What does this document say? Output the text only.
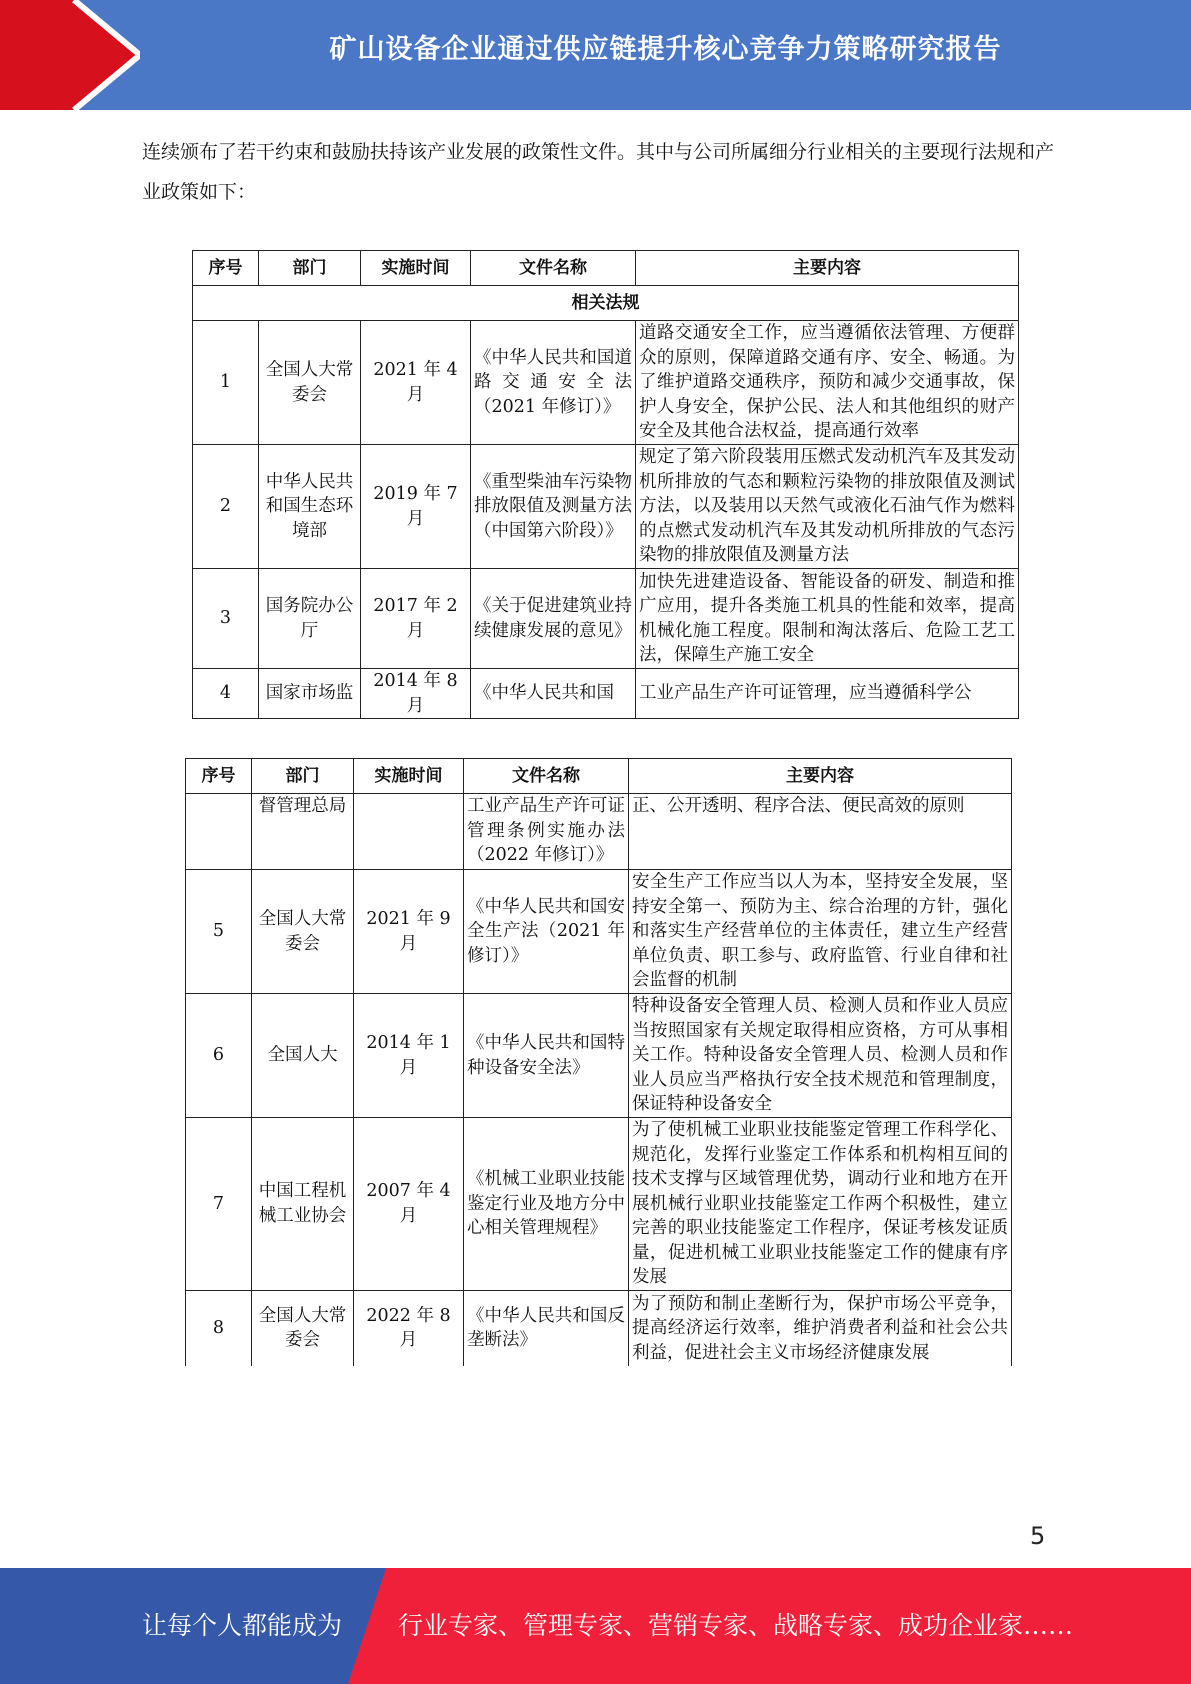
矿山设备企业通过供应链提升核心竞争力策略研究报告
连续颁布了若干约束和鼓励扶持该产业发展的政策性文件。其中与公司所属细分行业相关的主要现行法规和产业政策如下：
序号	部门	实施时间	文件名称	主要内容
相关法规				
1	全国人大常委会	2021 年 4 月	《中华人民共和国道路交通安全法（2021 年修订）》	道路交通安全工作，应当遵循依法管理、方便群众的原则，保障道路交通有序、安全、畅通。为了维护道路交通秩序，预防和减少交通事故，保护人身安全，保护公民、法人和其他组织的财产安全及其他合法权益，提高通行效率
2	中华人民共和国生态环境部	2019 年 7 月	《重型柴油车污染物排放限值及测量方法（中国第六阶段）》	规定了第六阶段装用压燃式发动机汽车及其发动机所排放的气态和颗粒污染物的排放限值及测试方法，以及装用以天然气或液化石油气作为燃料的点燃式发动机汽车及其发动机所排放的气态污染物的排放限值及测量方法
3	国务院办公厅	2017 年 2 月	《关于促进建筑业持续健康发展的意见》	加快先进建造设备、智能设备的研发、制造和推广应用，提升各类施工机具的性能和效率，提高机械化施工程度。限制和淘汰落后、危险工艺工法，保障生产施工安全
4	国家市场监	2014 年 8 月	《中华人民共和国	工业产品生产许可证管理，应当遵循科学公
序号	部门	实施时间	文件名称	主要内容
	督管理总局		工业产品生产许可证管理条例实施办法（2022 年修订）》	正、公开透明、程序合法、便民高效的原则
5	全国人大常委会	2021 年 9 月	《中华人民共和国安全生产法（2021 年修订）》	安全生产工作应当以人为本，坚持安全发展，坚持安全第一、预防为主、综合治理的方针，强化和落实生产经营单位的主体责任，建立生产经营单位负责、职工参与、政府监管、行业自律和社会监督的机制
6	全国人大	2014 年 1 月	《中华人民共和国特种设备安全法》	特种设备安全管理人员、检测人员和作业人员应当按照国家有关规定取得相应资格，方可从事相关工作。特种设备安全管理人员、检测人员和作业人员应当严格执行安全技术规范和管理制度，保证特种设备安全
7	中国工程机械工业协会	2007 年 4 月	《机械工业职业技能鉴定行业及地方分中心相关管理规程》	为了使机械工业职业技能鉴定管理工作科学化、规范化，发挥行业鉴定工作体系和机构相互间的技术支撑与区域管理优势，调动行业和地方在开展机械行业职业技能鉴定工作两个积极性，建立完善的职业技能鉴定工作程序，保证考核发证质量，促进机械工业职业技能鉴定工作的健康有序发展
8	全国人大常委会	2022 年 8 月	《中华人民共和国反垄断法》	为了预防和制止垄断行为，保护市场公平竞争，提高经济运行效率，维护消费者利益和社会公共利益，促进社会主义市场经济健康发展
5
让每个人都能成为 行业专家、管理专家、营销专家、战略专家、成功企业家……
